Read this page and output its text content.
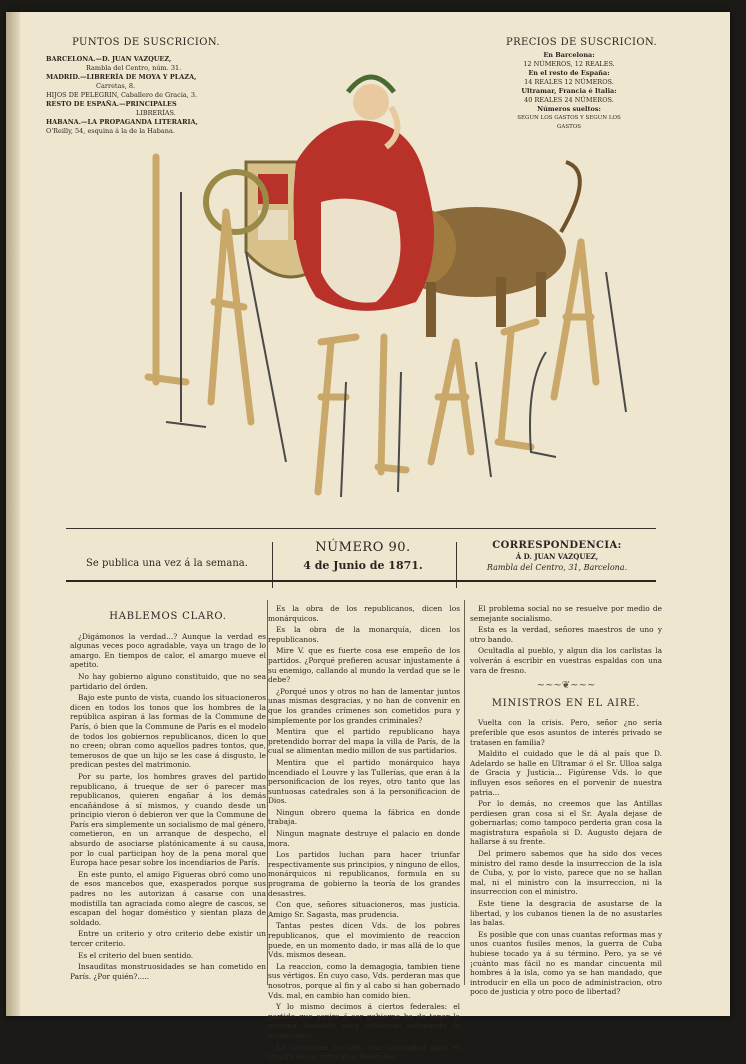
PUNTOS DE SUSCRICION.
BARCELONA.—D. JUAN VAZQUEZ,
Rambla del Centro, núm. 31.
MADRID.—LIBRERÍA DE MOYA Y PLAZA,
Carretas, 8.
HIJOS DE PELEGRIN, Caballero de Gracia, 3.
RESTO DE ESPAÑA.—PRINCIPALES
LIBRERÍAS.
HABANA.—LA PROPAGANDA LITERARIA,
O'Reilly, 54, esquina á la de la Habana.
PRECIOS DE SUSCRICION.
En Barcelona:
12 NÚMEROS, 12 REALES.
En el resto de España:
14 REALES 12 NÚMEROS.
Ultramar, Francia é Italia:
40 REALES 24 NÚMEROS.
Números sueltos:
SEGUN LOS GASTOS Y SEGUN LOS GASTOS
Se publica una vez á la semana.
NÚMERO 90.
4 de Junio de 1871.
CORRESPONDENCIA:
Á D. JUAN VAZQUEZ,
Rambla del Centro, 31, Barcelona.
HABLEMOS CLARO.

¿Digámonos la verdad...? Aunque la verdad es algunas veces poco agradable, vaya un trago de lo amargo. En tiempos de calor, el amargo mueve el apetito.

No hay gobierno alguno constituido, que no sea partidario del órden.

Bajo este punto de vista, cuando los situacioneros dicen en todos los tonos que los hombres de la república aspiran á las formas de la Commune de París, ó bien que la Commune de París es el modelo de todos los gobiernos republicanos, dicen lo que no creen; obran como aquellos padres tontos, que, temerosos de que un hijo se les case á disgusto, le predican pestes del matrimonio.

Por su parte, los hombres graves del partido republicano, á trueque de ser ó parecer mas republicanos, quieren engañar á los demás encañándose á sí mismos, y cuando desde un principio vieron ó debieron ver que la Commune de París era simplemente un socialismo de mal género, cometieron, en un arranque de despecho, el absurdo de asociarse platónicamente á su causa, por lo cual participan hoy de la pena moral que Europa hace pesar sobre los incendiarios de París.

En este punto, el amigo Figueras obró como uno de esos mancebos que, exasperados porque sus padres no les autorizan á casarse con una modistilla tan agraciada como alegre de cascos, se escapan del hogar doméstico y sientan plaza de soldado.

Entre un criterio y otro criterio debe existir un tercer criterio.

Es el criterio del buen sentido.

Insauditas monstruosidades se han cometido en París. ¿Por quién?.....

Es la obra de los republicanos, dicen los monárquicos.

Es la obra de la monarquía, dicen los republicanos.

Mire V. que es fuerte cosa ese empeño de los partidos. ¿Porqué prefieren acusar injustamente á su enemigo, callando al mundo la verdad que se le debe?

¿Porqué unos y otros no han de lamentar juntos unas mismas desgracias, y no han de convenir en que los grandes crímenes son cometidos pura y simplemente por los grandes criminales?

Mentira que el partido republicano haya pretendido borrar del mapa la villa de París, de la cual se alimentan medio millon de sus partidarios.

Mentira que el partido monárquico haya incendiado el Louvre y las Tullerías, que eran á la personificacion de los reyes, otro tanto que las suntuosas catedrales son á la personificacion de Dios.

Ningun obrero quema la fábrica en donde trabaja.

Ningun magnate destruye el palacio en donde mora.

Los partidos luchan para hacer triunfar respectivamente sus principios, y ninguno de ellos, monárquicos ni republicanos, formula en su programa de gobierno la teoría de los grandes desastres.

Con que, señores situacioneros, mas justicia. Amigo Sr. Sagasta, mas prudencia.

Tantas pestes dicen Vds. de los pobres republicanos, que el movimiento de reaccion puede, en un momento dado, ir mas allá de lo que Vds. mismos desean.

La reaccion, como la demagogia, tambien tiene sus vértigos. En cuyo caso, Vds. perderan mas que nosotros, porque al fin y al cabo si han gobernado Vds. mal, en cambio han comido bien.

Y lo mismo decimos á ciertos federales: el partido que aspire á ser gobierno ha de tener la energía bastante para condenar netamente lo abominable.

La Commune ha sido una calamidad para el triunfo de los principios federales.

El problema social no se resuelve por medio de semejante socialismo.

Esta es la verdad, señores maestros de uno y otro bando.

Ocultadla al pueblo, y algun dia los carlistas la volverán á escribir en vuestras espaldas con una vara de fresno.

~~~❦~~~
MINISTROS EN EL AIRE.

Vuelta con la crisis. Pero, señor ¿no seria preferible que esos asuntos de interés privado se tratasen en familia?

Maldito el cuidado que le dá al país que D. Adelardo se halle en Ultramar ó el Sr. Ulloa salga de Gracia y Justicia... Figúrense Vds. lo que influyen esos señores en el porvenir de nuestra patria...

Por lo demás, no creemos que las Antillas perdiesen gran cosa si el Sr. Ayala dejase de gobernarlas; como tampoco perderia gran cosa la magistratura española si D. Augusto dejara de hallarse á su frente.

Del primero sabemos que ha sido dos veces ministro del ramo desde la insurreccion de la isla de Cuba, y, por lo visto, parece que no se hallan mal, ni el ministro con la insurreccion, ni la insurreccion con el ministro.

Este tiene la desgracia de asustarse de la libertad, y los cubanos tienen la de no asustarles las balas.

Es posible que con unas cuantas reformas mas y unos cuantos fusiles menos, la guerra de Cuba hubiese tocado ya á su término. Pero, ya se vé ¡cuánto mas fácil no es mandar cincuenta mil hombres á la isla, como ya se han mandado, que introducir en ella un poco de administracion, otro poco de justicia y otro poco de libertad?
